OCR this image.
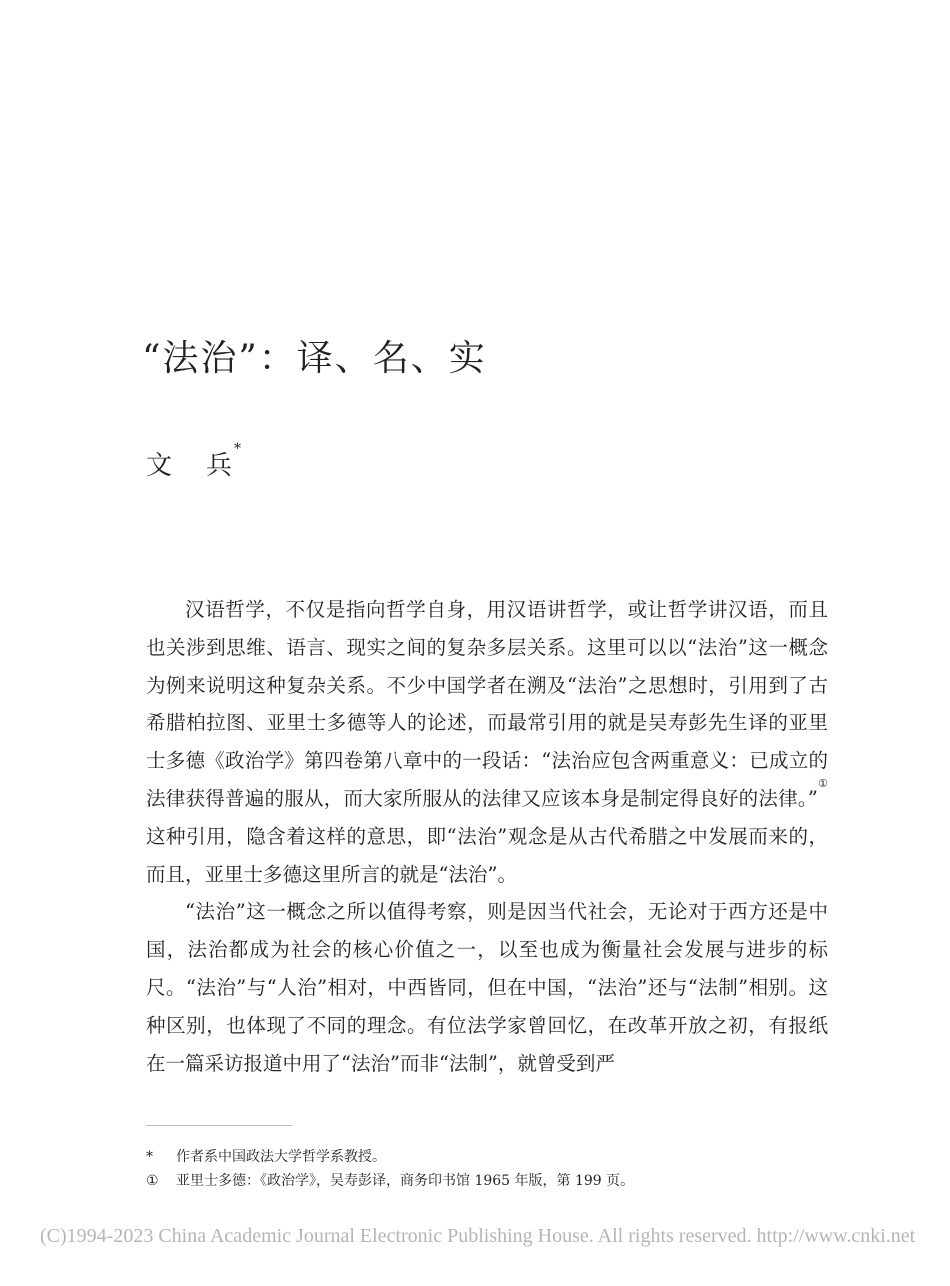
“法治”：译、名、实
文 兵*

汉语哲学，不仅是指向哲学自身，用汉语讲哲学，或让哲学讲汉语，而且也关涉到思维、语言、现实之间的复杂多层关系。这里可以以“法治”这一概念为例来说明这种复杂关系。不少中国学者在溯及“法治”之思想时，引用到了古希腊柏拉图、亚里士多德等人的论述，而最常引用的就是吴寿彭先生译的亚里士多德《政治学》第四卷第八章中的一段话：“法治应包含两重意义：已成立的法律获得普遍的服从，而大家所服从的法律又应该本身是制定得良好的法律。”①这种引用，隐含着这样的意思，即“法治”观念是从古代希腊之中发展而来的，而且，亚里士多德这里所言的就是“法治”。

“法治”这一概念之所以值得考察，则是因当代社会，无论对于西方还是中国，法治都成为社会的核心价值之一，以至也成为衡量社会发展与进步的标尺。“法治”与“人治”相对，中西皆同，但在中国，“法治”还与“法制”相别。这种区别，也体现了不同的理念。有位法学家曾回忆，在改革开放之初，有报纸在一篇采访报道中用了“法治”而非“法制”，就曾受到严

* 作者系中国政法大学哲学系教授。
① 亚里士多德：《政治学》，吴寿彭译，商务印书馆 1965 年版，第 199 页。
(C)1994-2023 China Academic Journal Electronic Publishing House. All rights reserved. http://www.cnki.net
